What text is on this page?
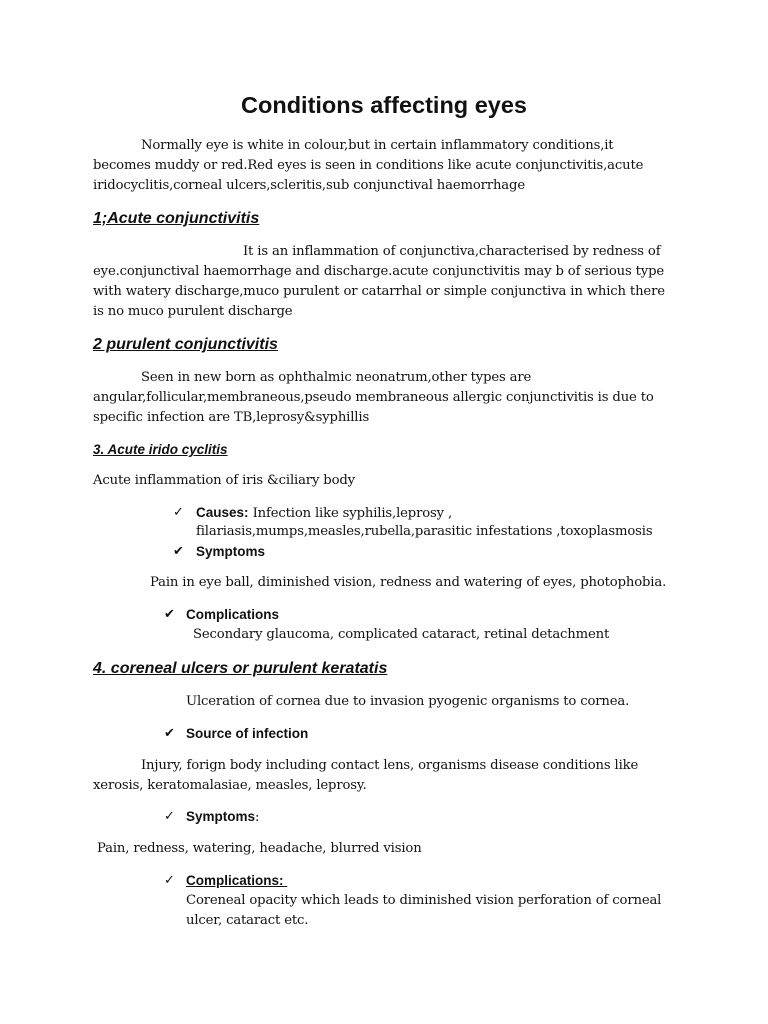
Conditions affecting eyes
Normally eye is white in colour,but in certain inflammatory conditions,it
becomes muddy or red.Red eyes is seen in conditions like acute conjunctivitis,acute
iridocyclitis,corneal ulcers,scleritis,sub conjunctival haemorrhage
1;Acute conjunctivitis
It is an inflammation of conjunctiva,characterised by redness of
eye.conjunctival haemorrhage and discharge.acute conjunctivitis may b of serious type
with watery discharge,muco purulent or catarrhal or simple conjunctiva in which there
is no muco purulent discharge
2 purulent conjunctivitis
Seen in new born as ophthalmic neonatrum,other types are
angular,follicular,membraneous,pseudo membraneous allergic conjunctivitis is due to
specific infection are TB,leprosy&syphillis
3. Acute irido cyclitis
Acute inflammation of iris &ciliary body
✓ Causes: Infection like syphilis,leprosy ,
filariasis,mumps,measles,rubella,parasitic infestations ,toxoplasmosis
✔ Symptoms
Pain in eye ball, diminished vision, redness and watering of eyes, photophobia.
✔ Complications
Secondary glaucoma, complicated cataract, retinal detachment
4. coreneal ulcers or purulent keratatis
Ulceration of cornea due to invasion pyogenic organisms to cornea.
✔ Source of infection
Injury, forign body including contact lens, organisms disease conditions like
xerosis, keratomalasiae, measles, leprosy.
✓ Symptoms:
Pain, redness, watering, headache, blurred vision
✓ Complications:
Coreneal opacity which leads to diminished vision perforation of corneal
ulcer, cataract etc.
